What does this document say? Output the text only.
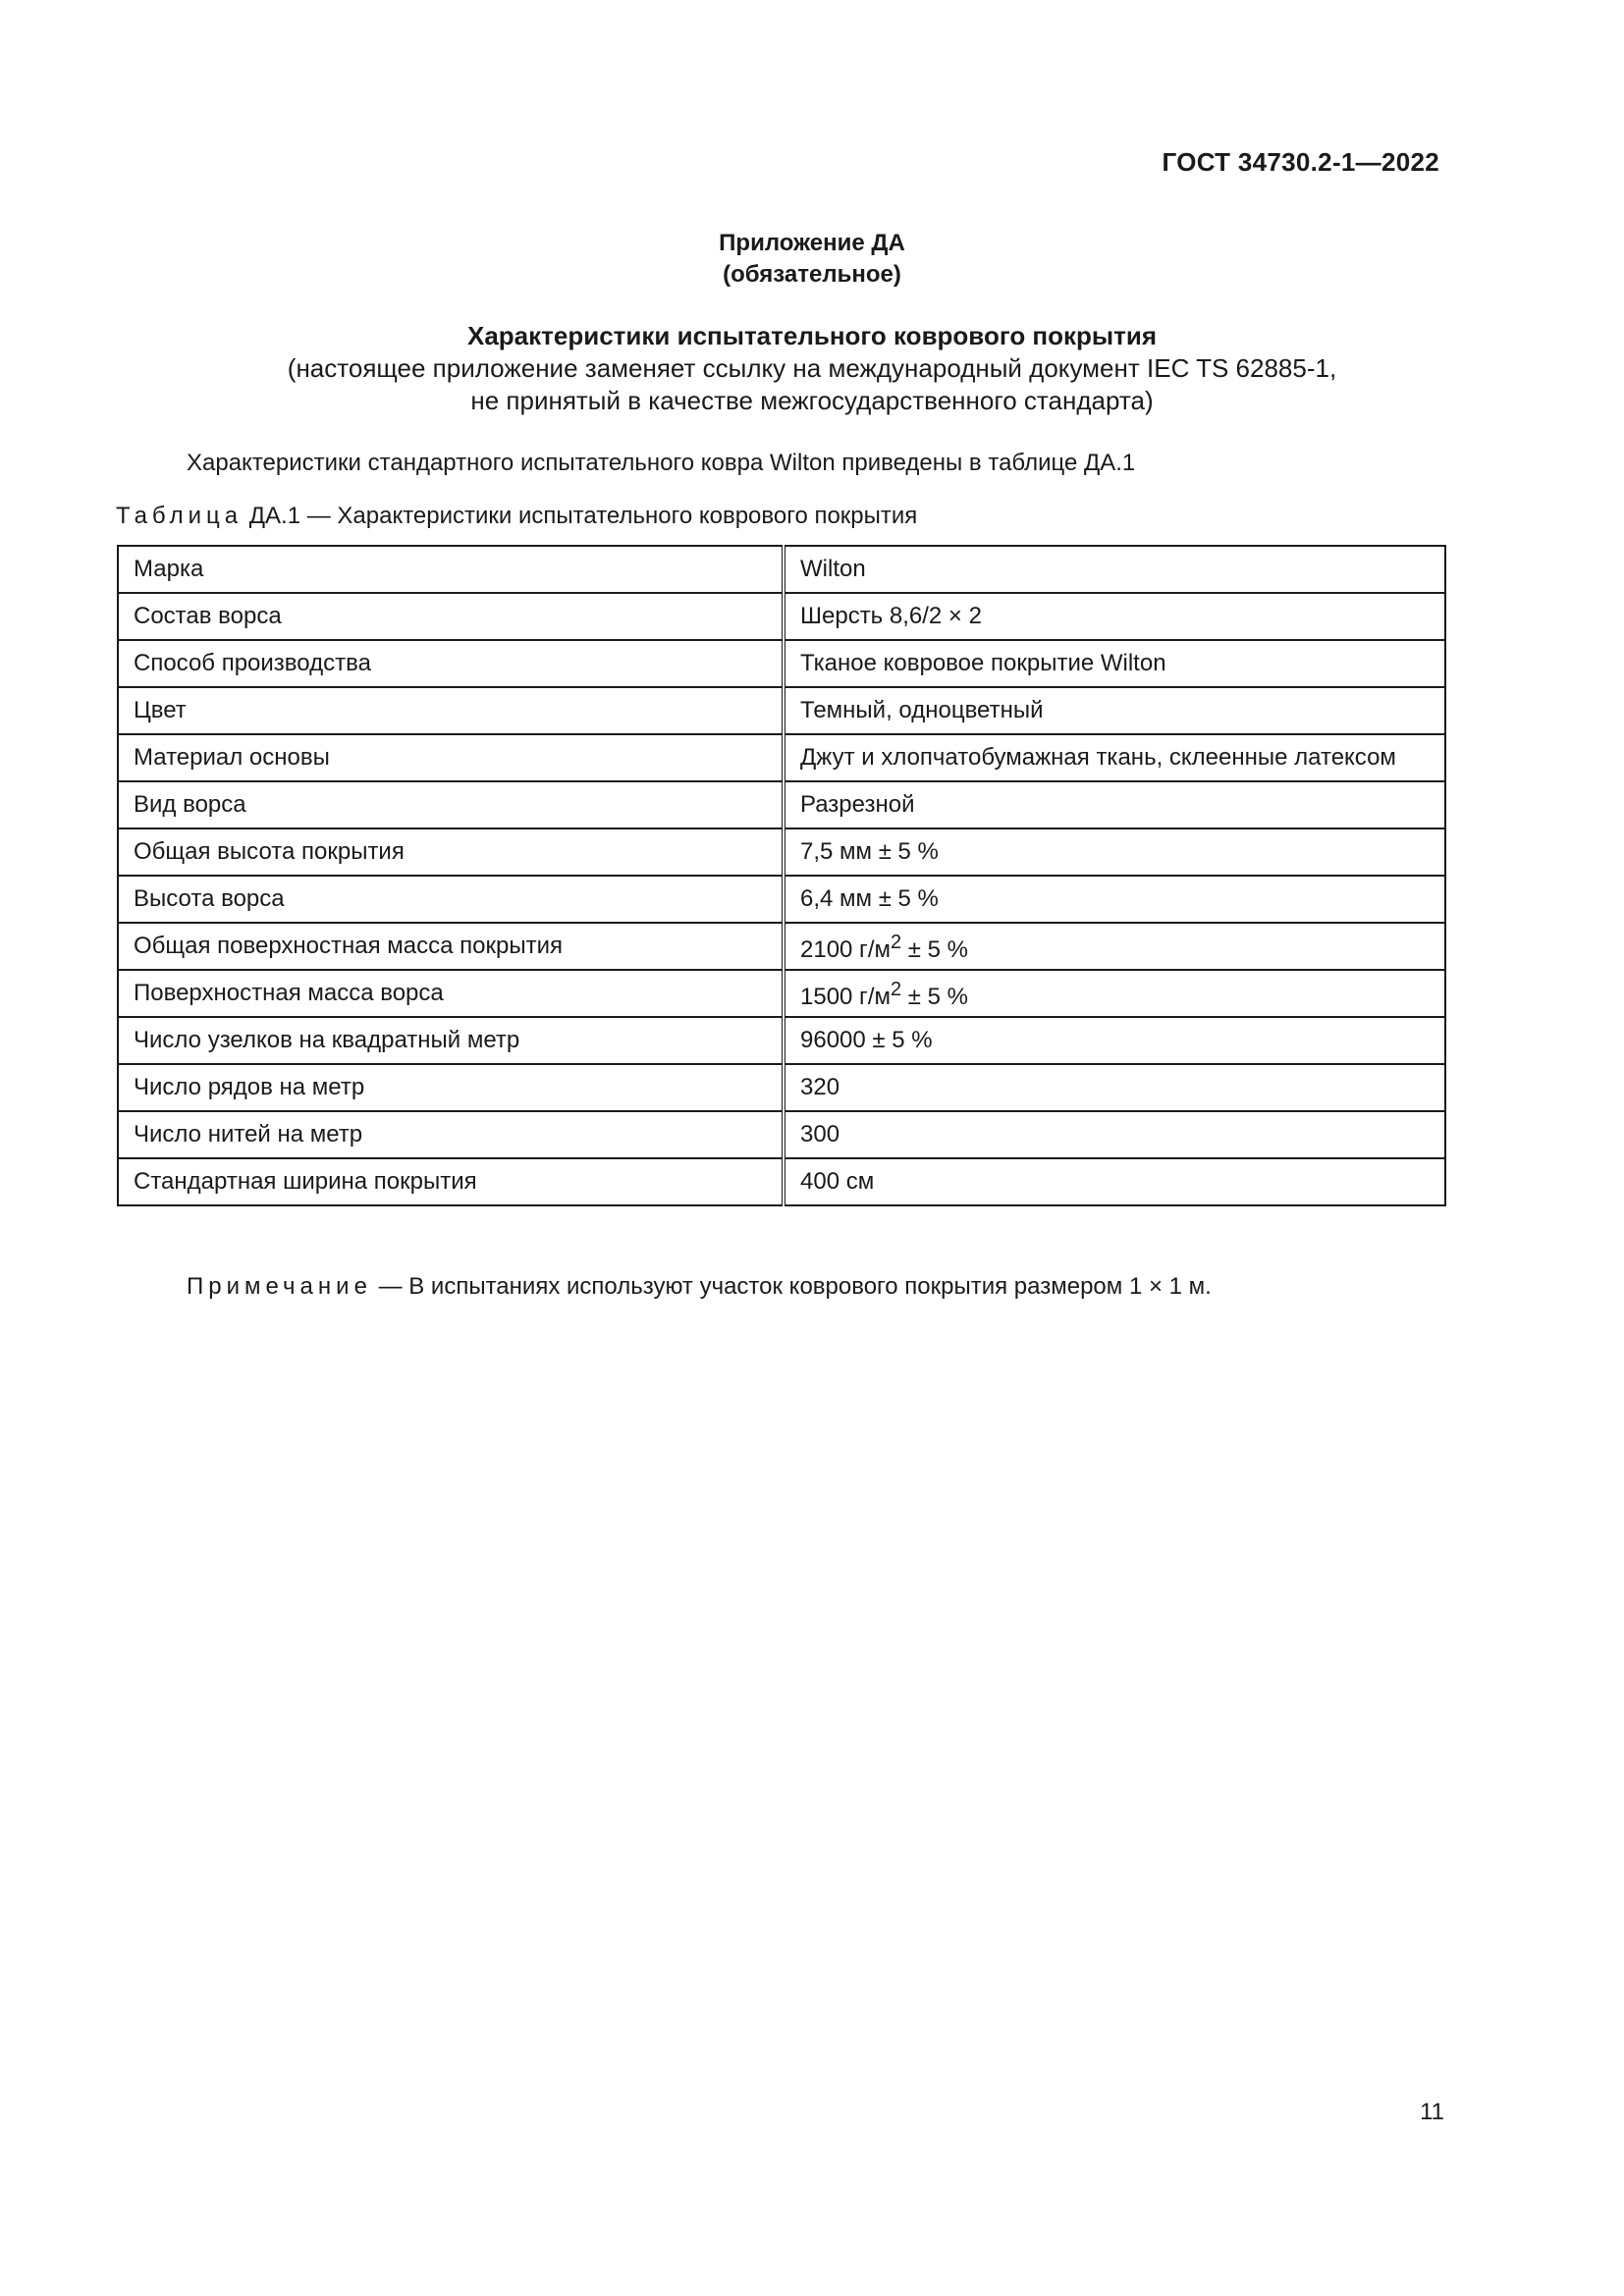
ГОСТ 34730.2-1—2022
Приложение ДА
(обязательное)
Характеристики испытательного коврового покрытия
(настоящее приложение заменяет ссылку на международный документ IEC TS 62885-1,
не принятый в качестве межгосударственного стандарта)
Характеристики стандартного испытательного ковра Wilton приведены в таблице ДА.1
Таблица ДА.1 — Характеристики испытательного коврового покрытия
Марка	Wilton
Состав ворса	Шерсть 8,6/2 × 2
Способ производства	Тканое ковровое покрытие Wilton
Цвет	Темный, одноцветный
Материал основы	Джут и хлопчатобумажная ткань, склеенные латексом
Вид ворса	Разрезной
Общая высота покрытия	7,5 мм ± 5 %
Высота ворса	6,4 мм ± 5 %
Общая поверхностная масса покрытия	2100 $г/м^2 \pm 5$ %
Поверхностная масса ворса	1500 $г/м^2 \pm 5$ %
Число узелков на квадратный метр	96000 ± 5 %
Число рядов на метр	320
Число нитей на метр	300
Стандартная ширина покрытия	400 см
Примечание — В испытаниях используют участок коврового покрытия размером 1 × 1 м.
11
